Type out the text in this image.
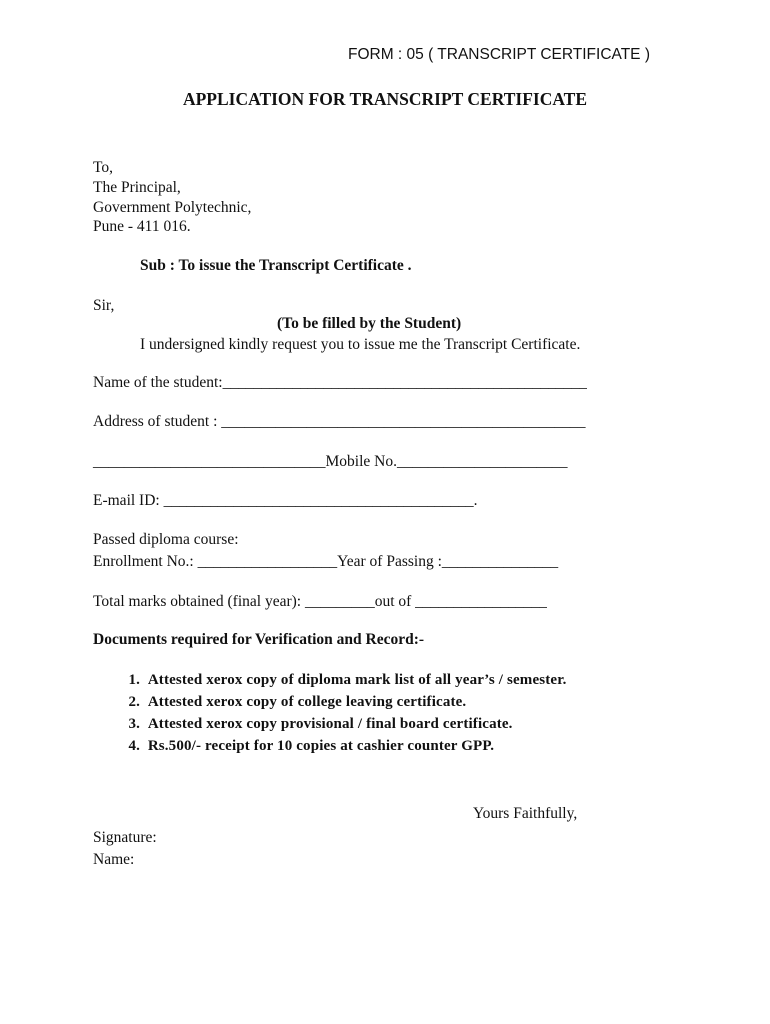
FORM : 05 ( TRANSCRIPT CERTIFICATE )
APPLICATION FOR TRANSCRIPT CERTIFICATE
To,
The Principal,
Government Polytechnic,
Pune - 411 016.
Sub : To issue the Transcript Certificate .
Sir,
(To be filled by the Student)
I undersigned kindly request you to issue me the Transcript Certificate.
Name of the student:_______________________________________________
Address of student : _______________________________________________
______________________________Mobile No.______________________
E-mail ID: ________________________________________.
Passed diploma course:
Enrollment No.: __________________Year of Passing :_______________
Total marks obtained (final year): _________out of _________________
Documents required for Verification and Record:-
1. Attested xerox copy of diploma mark list of all year’s / semester.
2. Attested xerox copy of college leaving certificate.
3. Attested xerox copy provisional / final board certificate.
4. Rs.500/- receipt for 10 copies at cashier counter GPP.
Yours Faithfully,
Signature:
Name:
